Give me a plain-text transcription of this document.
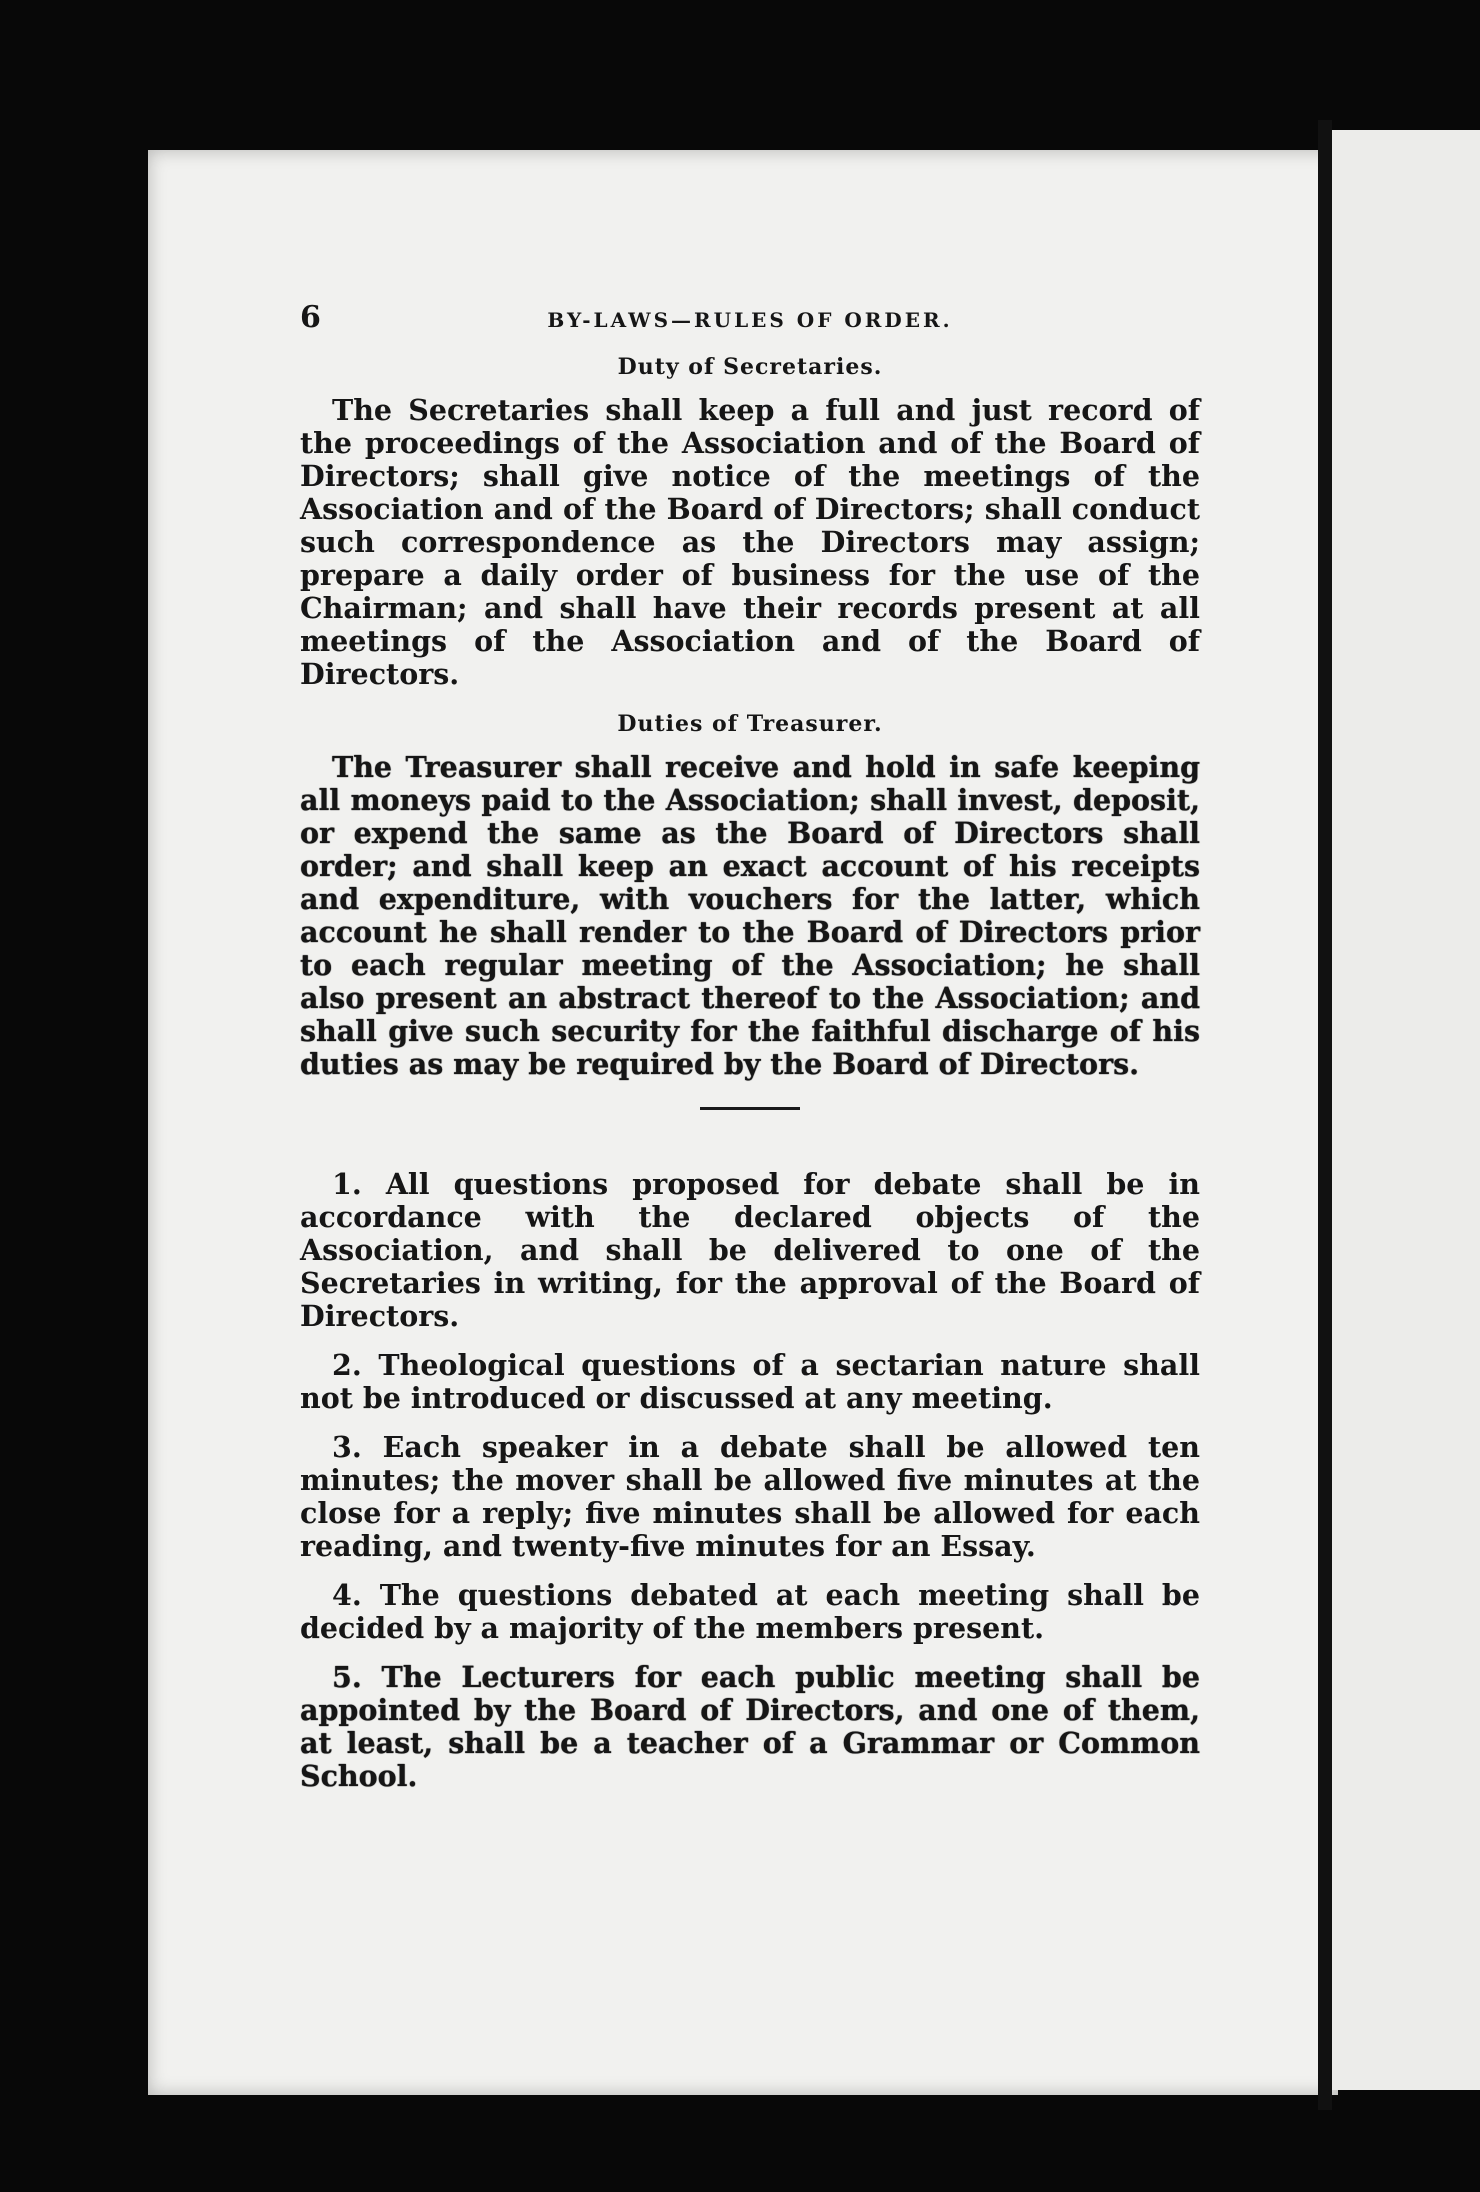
6	BY-LAWS—RULES OF ORDER.
Duty of Secretaries.

The Secretaries shall keep a full and just record of the proceedings of the Association and of the Board of Directors; shall give notice of the meetings of the Association and of the Board of Directors; shall conduct such correspondence as the Directors may assign; prepare a daily order of business for the use of the Chairman; and shall have their records present at all meetings of the Association and of the Board of Directors.

Duties of Treasurer.

The Treasurer shall receive and hold in safe keeping all moneys paid to the Association; shall invest, deposit, or expend the same as the Board of Directors shall order; and shall keep an exact account of his receipts and expenditure, with vouchers for the latter, which account he shall render to the Board of Directors prior to each regular meeting of the Association; he shall also present an abstract thereof to the Association; and shall give such security for the faithful discharge of his duties as may be required by the Board of Directors.

1. All questions proposed for debate shall be in accordance with the declared objects of the Association, and shall be delivered to one of the Secretaries in writing, for the approval of the Board of Directors.

2. Theological questions of a sectarian nature shall not be introduced or discussed at any meeting.

3. Each speaker in a debate shall be allowed ten minutes; the mover shall be allowed five minutes at the close for a reply; five minutes shall be allowed for each reading, and twenty-five minutes for an Essay.

4. The questions debated at each meeting shall be decided by a majority of the members present.

5. The Lecturers for each public meeting shall be appointed by the Board of Directors, and one of them, at least, shall be a teacher of a Grammar or Common School.
